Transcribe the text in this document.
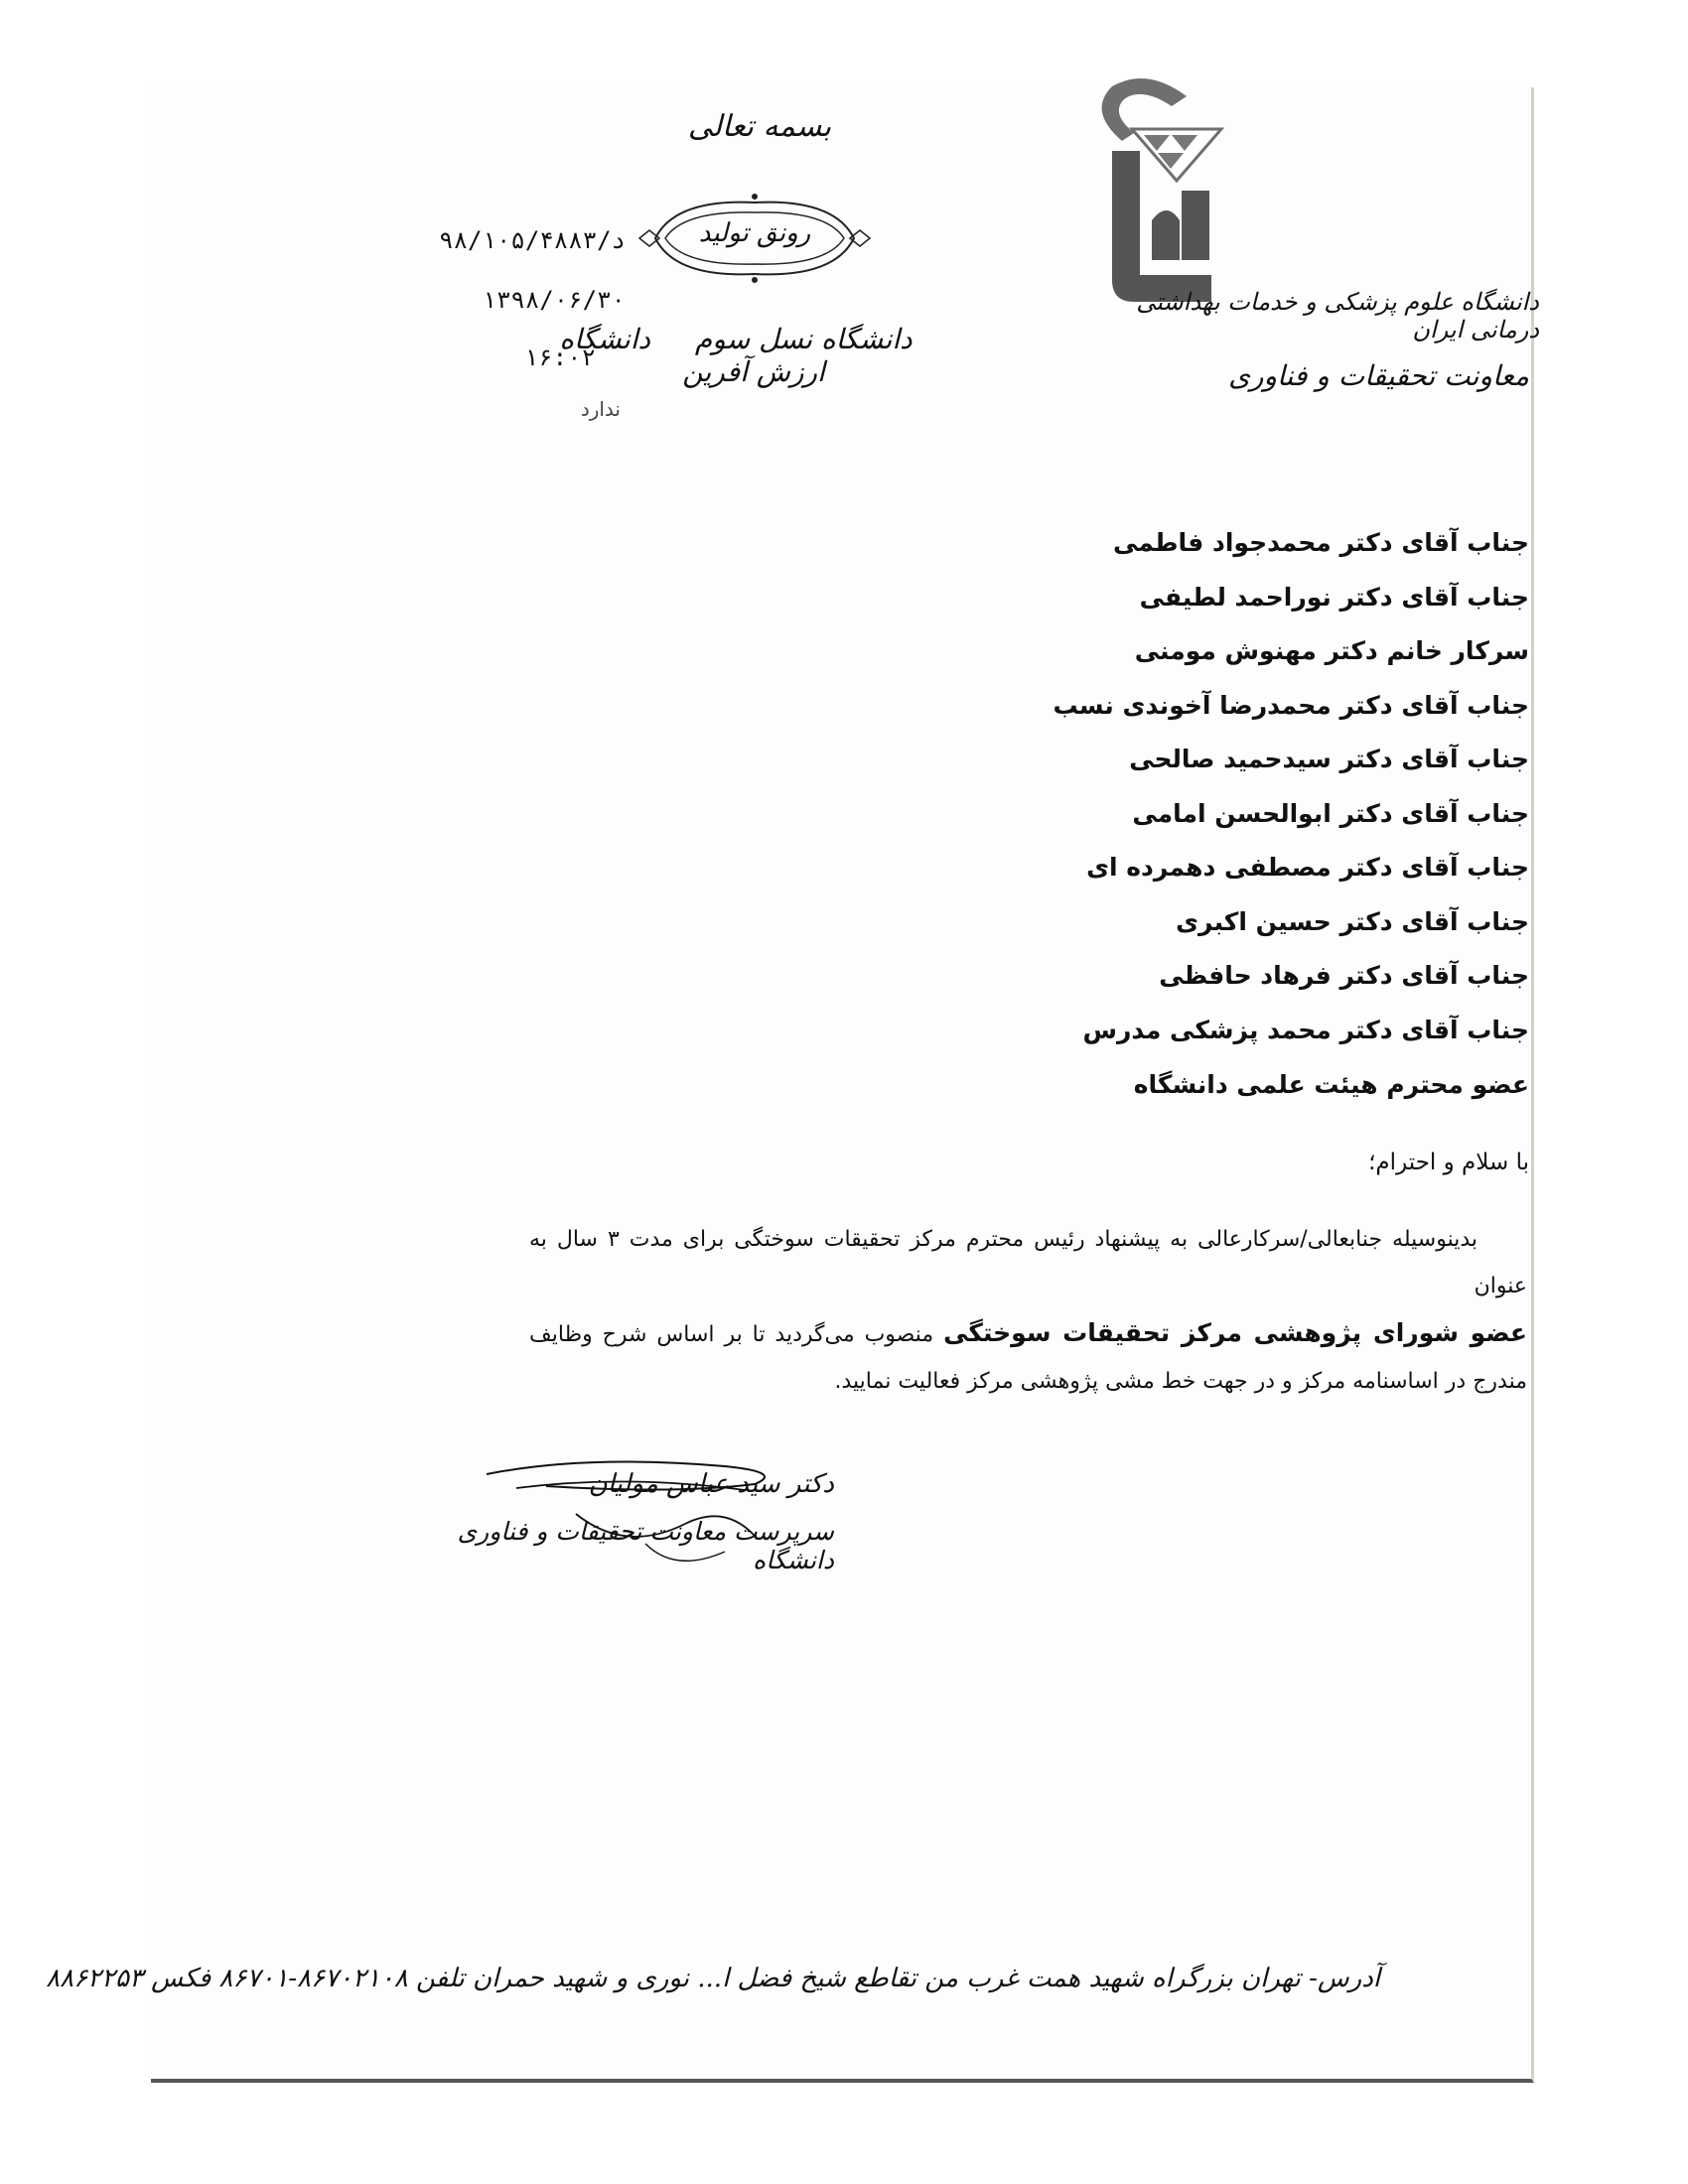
بسمه تعالی
رونق تولید
دانشگاه نسل سوم دانشگاه ارزش آفرین
دانشگاه علوم پزشکی و خدمات بهداشتی درمانی ایران
معاونت تحقیقات و فناوری
۹۸/د/۱۰۵/۴۸۸۳
۱۳۹۸/۰۶/۳۰
۱۶:۰۲
ندارد
جناب آقای دکتر محمدجواد فاطمی
جناب آقای دکتر نوراحمد لطیفی
سرکار خانم دکتر مهنوش مومنی
جناب آقای دکتر محمدرضا آخوندی نسب
جناب آقای دکتر سیدحمید صالحی
جناب آقای دکتر ابوالحسن امامی
جناب آقای دکتر مصطفی دهمرده ای
جناب آقای دکتر حسین اکبری
جناب آقای دکتر فرهاد حافظی
جناب آقای دکتر محمد پزشکی مدرس
عضو محترم هیئت علمی دانشگاه
با سلام و احترام؛
بدینوسیله جنابعالی/سرکارعالی به پیشنهاد رئیس محترم مرکز تحقیقات سوختگی برای مدت ۳ سال به عنوان
عضو شورای پژوهشی مرکز تحقیقات سوختگی منصوب می‌گردید تا بر اساس شرح وظایف مندرج در اساسنامه مرکز و در جهت خط مشی پژوهشی مرکز فعالیت نمایید.
دکتر سید عباس مولیان
سرپرست معاونت تحقیقات و فناوری دانشگاه
آدرس- تهران بزرگراه شهید همت غرب من تقاطع شیخ فضل ا... نوری و شهید حمران تلفن ۸۶۷۰۲۱۰۸-۸۶۷۰۱ فکس ۸۸۶۲۲۵۳
